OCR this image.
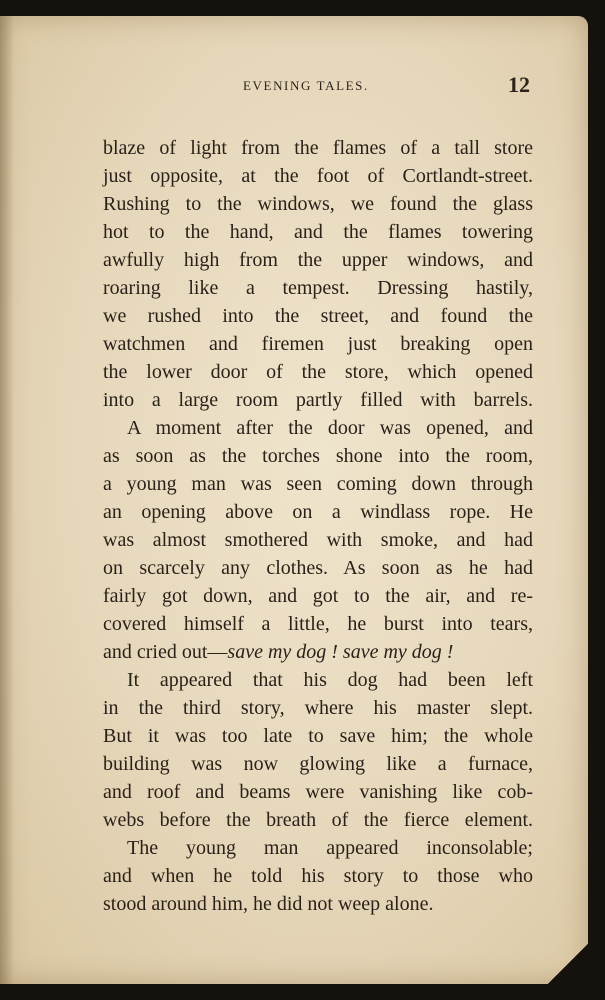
EVENING TALES.	12
blaze of light from the flames of a tall store
just opposite, at the foot of Cortlandt-street.
Rushing to the windows, we found the glass
hot to the hand, and the flames towering
awfully high from the upper windows, and
roaring like a tempest. Dressing hastily,
we rushed into the street, and found the
watchmen and firemen just breaking open
the lower door of the store, which opened
into a large room partly filled with barrels.
A moment after the door was opened, and
as soon as the torches shone into the room,
a young man was seen coming down through
an opening above on a windlass rope. He
was almost smothered with smoke, and had
on scarcely any clothes. As soon as he had
fairly got down, and got to the air, and re-
covered himself a little, he burst into tears,
and cried out—save my dog ! save my dog !
It appeared that his dog had been left
in the third story, where his master slept.
But it was too late to save him; the whole
building was now glowing like a furnace,
and roof and beams were vanishing like cob-
webs before the breath of the fierce element.
The young man appeared inconsolable;
and when he told his story to those who
stood around him, he did not weep alone.
